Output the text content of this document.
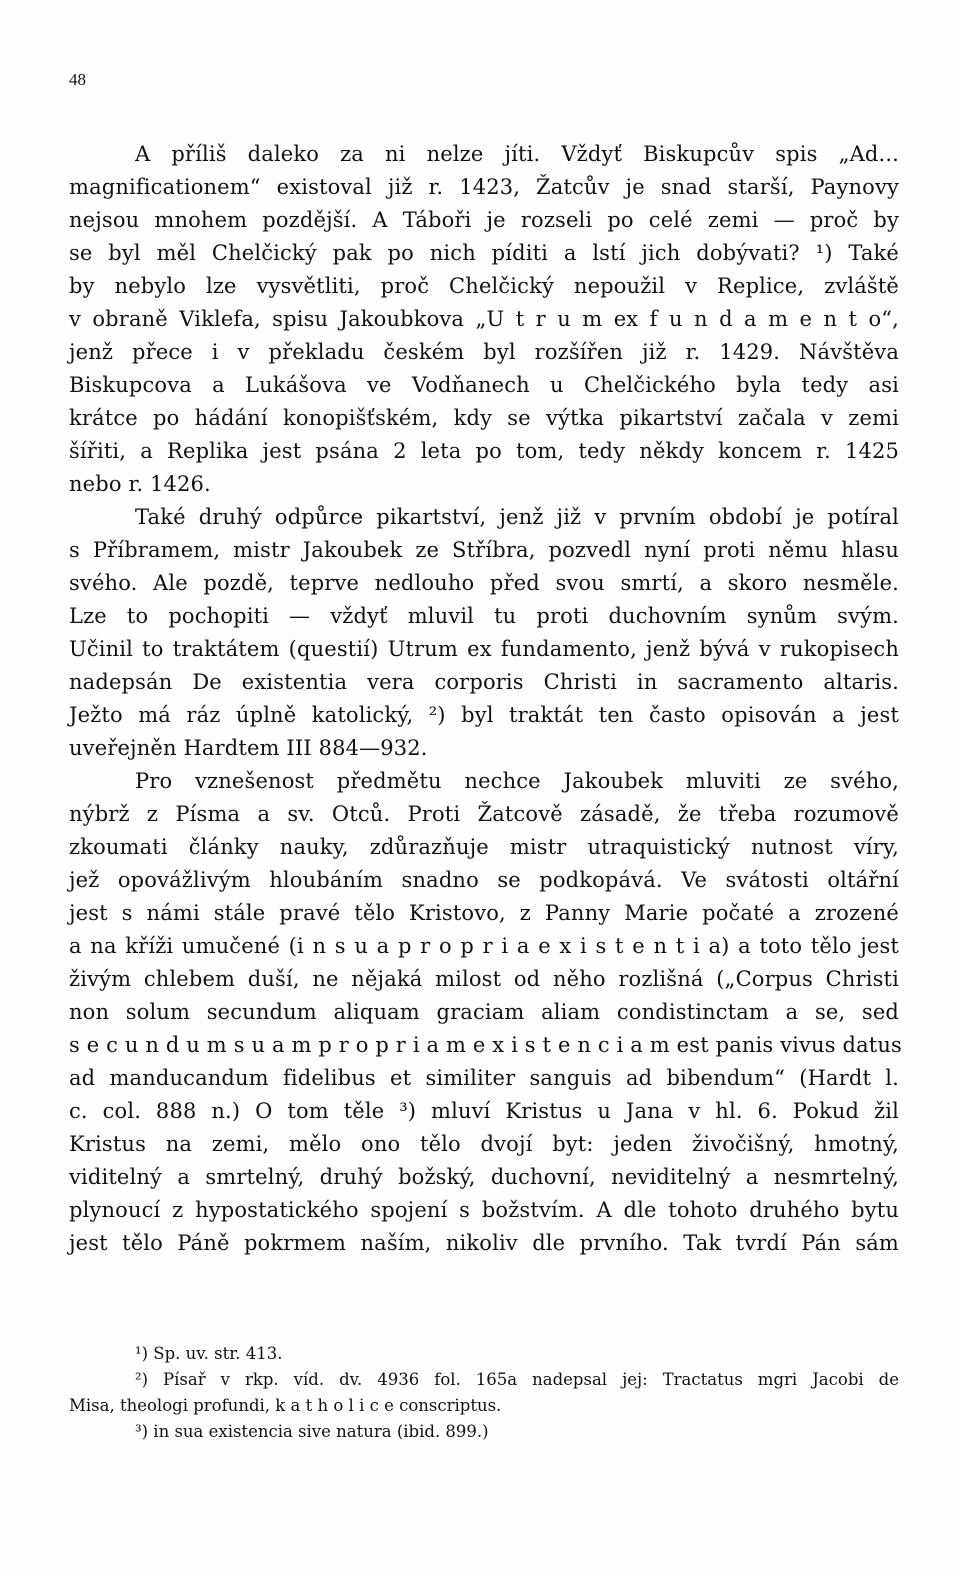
48
A příliš daleko za ni nelze jíti. Vždyť Biskupcův spis „Ad...
magnificationem“ existoval již r. 1423, Žatcův je snad starší, Paynovy
nejsou mnohem pozdější. A Táboři je rozseli po celé zemi — proč by
se byl měl Chelčický pak po nich píditi a lstí jich dobývati? ¹) Také
by nebylo lze vysvětliti, proč Chelčický nepoužil v Replice, zvláště
v obraně Viklefa, spisu Jakoubkova „U t r u m ex f u n d a m e n t o“,
jenž přece i v překladu českém byl rozšířen již r. 1429. Návštěva
Biskupcova a Lukášova ve Vodňanech u Chelčického byla tedy asi
krátce po hádání konopišťském, kdy se výtka pikartství začala v zemi
šířiti, a Replika jest psána 2 leta po tom, tedy někdy koncem r. 1425
nebo r. 1426.
Také druhý odpůrce pikartství, jenž již v prvním období je potíral
s Příbramem, mistr Jakoubek ze Stříbra, pozvedl nyní proti němu hlasu
svého. Ale pozdě, teprve nedlouho před svou smrtí, a skoro nesměle.
Lze to pochopiti — vždyť mluvil tu proti duchovním synům svým.
Učinil to traktátem (questií) Utrum ex fundamento, jenž bývá v rukopisech
nadepsán De existentia vera corporis Christi in sacramento altaris.
Ježto má ráz úplně katolický, ²) byl traktát ten často opisován a jest
uveřejněn Hardtem III 884—932.
Pro vznešenost předmětu nechce Jakoubek mluviti ze svého,
nýbrž z Písma a sv. Otců. Proti Žatcově zásadě, že třeba rozumově
zkoumati články nauky, zdůrazňuje mistr utraquistický nutnost víry,
jež opovážlivým hloubáním snadno se podkopává. Ve svátosti oltářní
jest s námi stále pravé tělo Kristovo, z Panny Marie počaté a zrozené
a na kříži umučené (i n s u a p r o p r i a e x i s t e n t i a) a toto tělo jest
živým chlebem duší, ne nějaká milost od něho rozlišná („Corpus Christi
non solum secundum aliquam graciam aliam condistinctam a se, sed
s e c u n d u m s u a m p r o p r i a m e x i s t e n c i a m est panis vivus datus
ad manducandum fidelibus et similiter sanguis ad bibendum“ (Hardt l.
c. col. 888 n.) O tom těle ³) mluví Kristus u Jana v hl. 6. Pokud žil
Kristus na zemi, mělo ono tělo dvojí byt: jeden živočišný, hmotný,
viditelný a smrtelný, druhý božský, duchovní, neviditelný a nesmrtelný,
plynoucí z hypostatického spojení s božstvím. A dle tohoto druhého bytu
jest tělo Páně pokrmem naším, nikoliv dle prvního. Tak tvrdí Pán sám
¹) Sp. uv. str. 413.
²) Písař v rkp. víd. dv. 4936 fol. 165a nadepsal jej: Tractatus mgri Jacobi de
Misa, theologi profundi, k a t h o l i c e conscriptus.
³) in sua existencia sive natura (ibid. 899.)
